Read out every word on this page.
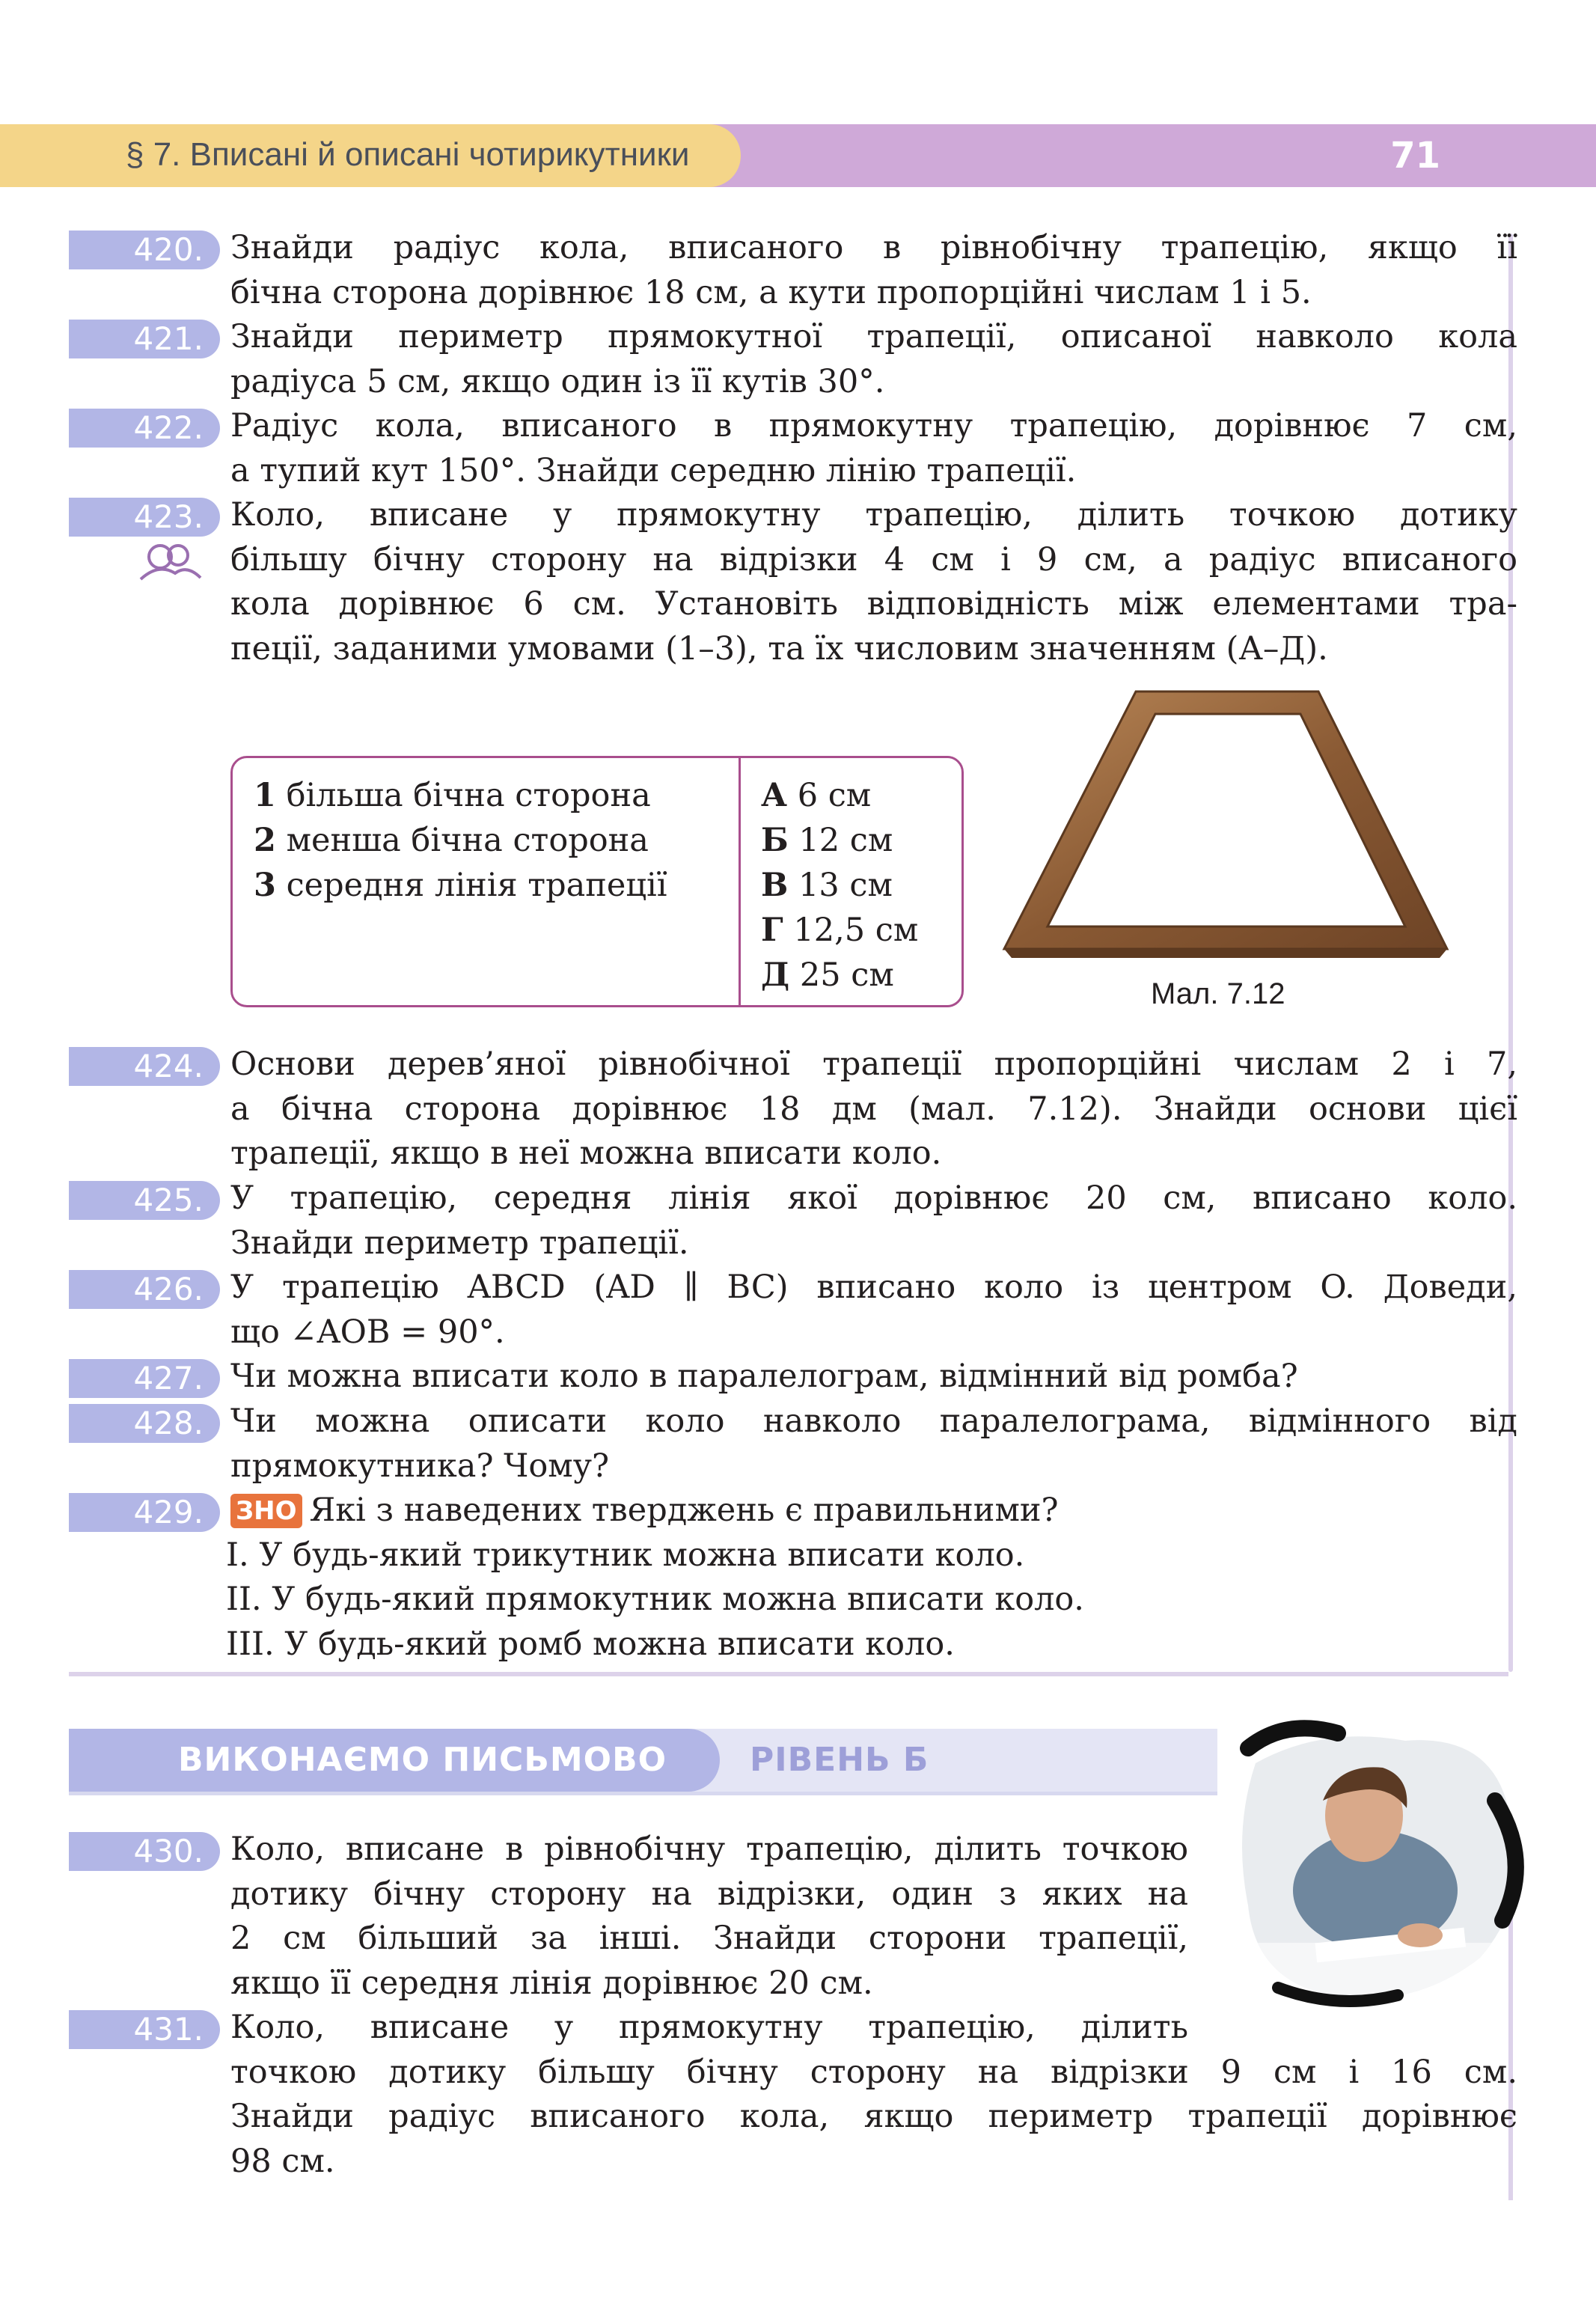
§ 7. Вписані й описані чотирикутники	71
420. Знайди радіус кола, вписаного в рівнобічну трапецію, якщо її
бічна сторона дорівнює 18 см, а кути пропорційні числам 1 і 5.
421. Знайди периметр прямокутної трапеції, описаної навколо кола
радіуса 5 см, якщо один із її кутів 30°.
422. Радіус кола, вписаного в прямокутну трапецію, дорівнює 7 см,
а тупий кут 150°. Знайди середню лінію трапеції.
423. Коло, вписане у прямокутну трапецію, ділить точкою дотику
більшу бічну сторону на відрізки 4 см і 9 см, а радіус вписаного
кола дорівнює 6 см. Установіть відповідність між елементами тра-
пеції, заданими умовами (1–3), та їх числовим значенням (А–Д).
1 більша бічна сторона
2 менша бічна сторона
3 середня лінія трапеції
А 6 см
Б 12 см
В 13 см
Г 12,5 см
Д 25 см	Мал. 7.12
424. Основи дерев’яної рівнобічної трапеції пропорційні числам 2 і 7,
а бічна сторона дорівнює 18 дм (мал. 7.12). Знайди основи цієї
трапеції, якщо в неї можна вписати коло.
425. У трапецію, середня лінія якої дорівнює 20 см, вписано коло.
Знайди периметр трапеції.
426. У трапецію ABCD (AD ∥ BC) вписано коло із центром O. Доведи,
що ∠AOB = 90°.
427. Чи можна вписати коло в паралелограм, відмінний від ромба?
428. Чи можна описати коло навколо паралелограма, відмінного від
прямокутника? Чому?
429. ЗНО Які з наведених тверджень є правильними?
I. У будь-який трикутник можна вписати коло.
II. У будь-який прямокутник можна вписати коло.
III. У будь-який ромб можна вписати коло.
РІВЕНЬ Б
ВИКОНАЄМО ПИСЬМОВО
430. Коло, вписане в рівнобічну трапецію, ділить точкою
дотику бічну сторону на відрізки, один з яких на
2 см більший за інші. Знайди сторони трапеції,
якщо її середня лінія дорівнює 20 см.
431. Коло, вписане у прямокутну трапецію, ділить
точкою дотику більшу бічну сторону на відрізки 9 см і 16 см.
Знайди радіус вписаного кола, якщо периметр трапеції дорівнює
98 см.
